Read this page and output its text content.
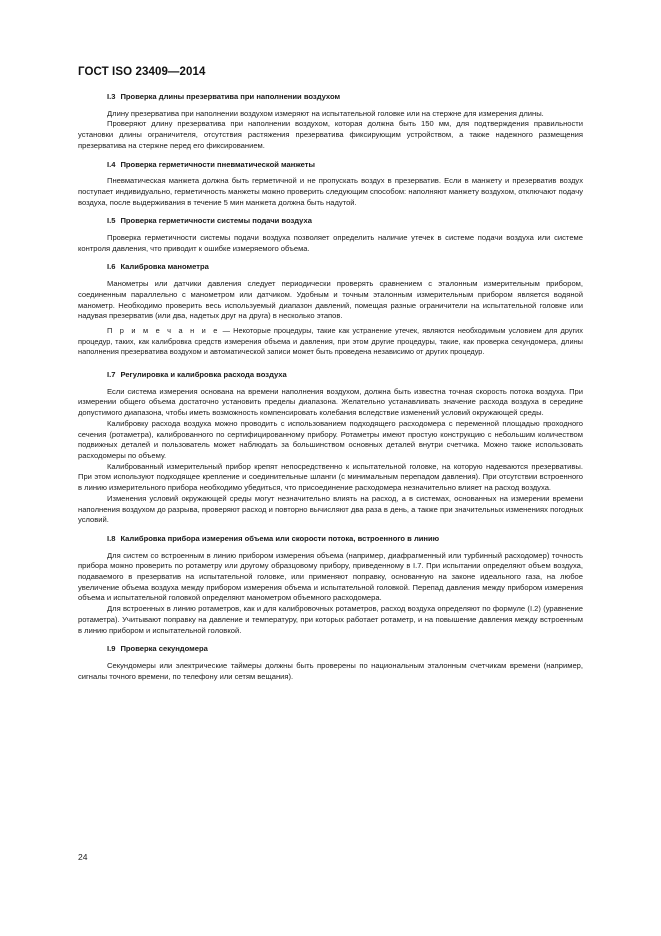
ГОСТ ISO 23409—2014
I.3 Проверка длины презерватива при наполнении воздухом

Длину презерватива при наполнении воздухом измеряют на испытательной головке или на стержне для измерения длины.

Проверяют длину презерватива при наполнении воздухом, которая должна быть 150 мм, для подтверждения правильности установки длины ограничителя, отсутствия растяжения презерватива фиксирующим устройством, а также надежного размещения презерватива на стержне перед его фиксированием.

I.4 Проверка герметичности пневматической манжеты

Пневматическая манжета должна быть герметичной и не пропускать воздух в презерватив. Если в манжету и презерватив воздух поступает индивидуально, герметичность манжеты можно проверить следующим способом: наполняют манжету воздухом, отключают подачу воздуха, после выдерживания в течение 5 мин манжета должна быть надутой.

I.5 Проверка герметичности системы подачи воздуха

Проверка герметичности системы подачи воздуха позволяет определить наличие утечек в системе подачи воздуха или системе контроля давления, что приводит к ошибке измеряемого объема.

I.6 Калибровка манометра

Манометры или датчики давления следует периодически проверять сравнением с эталонным измерительным прибором, соединенным параллельно с манометром или датчиком. Удобным и точным эталонным измерительным прибором является водяной манометр. Необходимо проверить весь используемый диапазон давлений, помещая разные ограничители на испытательной головке или надувая презерватив (или два, надетых друг на друга) в несколько этапов.

П р и м е ч а н и е — Некоторые процедуры, такие как устранение утечек, являются необходимым условием для других процедур, таких, как калибровка средств измерения объема и давления, при этом другие процедуры, такие, как проверка секундомера, длины наполнения презерватива воздухом и автоматической записи может быть проведена независимо от других процедур.

I.7 Регулировка и калибровка расхода воздуха

Если система измерения основана на времени наполнения воздухом, должна быть известна точная скорость потока воздуха. При измерении общего объема достаточно установить пределы диапазона. Желательно устанавливать значение расхода воздуха в середине допустимого диапазона, чтобы иметь возможность компенсировать колебания вследствие изменений условий окружающей среды.

Калибровку расхода воздуха можно проводить с использованием подходящего расходомера с переменной площадью проходного сечения (ротаметра), калиброванного по сертифицированному прибору. Ротаметры имеют простую конструкцию с небольшим количеством подвижных деталей и пользователь может наблюдать за большинством основных деталей внутри счетчика. Можно также использовать расходомеры по объему.

Калиброванный измерительный прибор крепят непосредственно к испытательной головке, на которую надеваются презервативы. При этом используют подходящее крепление и соединительные шланги (с минимальным перепадом давления). При отсутствии встроенного в линию измерительного прибора необходимо убедиться, что присоединение расходомера незначительно влияет на расход воздуха.

Изменения условий окружающей среды могут незначительно влиять на расход, а в системах, основанных на измерении времени наполнения воздухом до разрыва, проверяют расход и повторно вычисляют два раза в день, а также при значительных изменениях погодных условий.

I.8 Калибровка прибора измерения объема или скорости потока, встроенного в линию

Для систем со встроенным в линию прибором измерения объема (например, диафрагменный или турбинный расходомер) точность прибора можно проверить по ротаметру или другому образцовому прибору, приведенному в I.7. При испытании определяют объем воздуха, подаваемого в презерватив на испытательной головке, или применяют поправку, основанную на законе идеального газа, на любое увеличение объема воздуха между прибором измерения объема и испытательной головкой. Перепад давления между прибором измерения объема и испытательной головкой определяют манометром объемного расходомера.

Для встроенных в линию ротаметров, как и для калибровочных ротаметров, расход воздуха определяют по формуле (I.2) (уравнение ротаметра). Учитывают поправку на давление и температуру, при которых работает ротаметр, и на повышение давления между встроенным в линию прибором и испытательной головкой.

I.9 Проверка секундомера

Секундомеры или электрические таймеры должны быть проверены по национальным эталонным счетчикам времени (например, сигналы точного времени, по телефону или сетям вещания).

24
